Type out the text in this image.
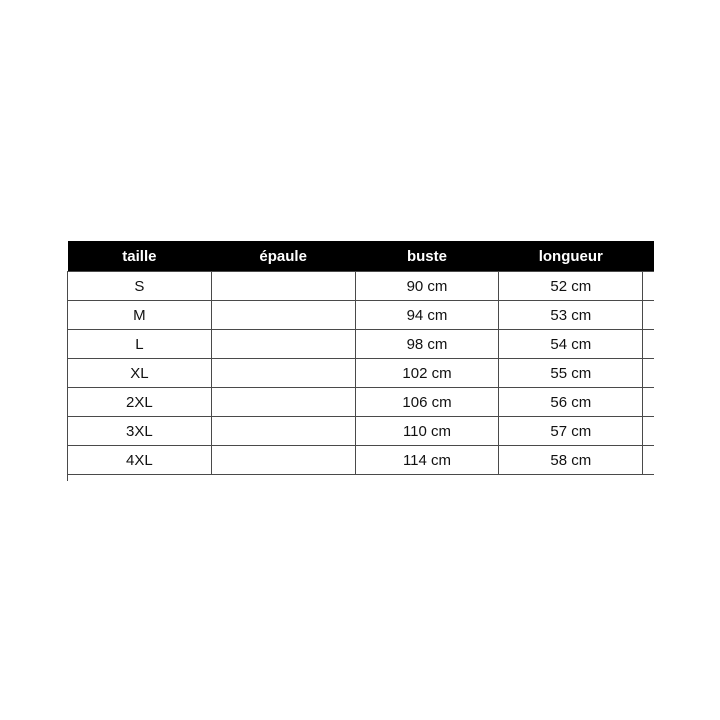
taille	épaule	buste	longueur	
S		90 cm	52 cm	
M		94 cm	53 cm	
L		98 cm	54 cm	
XL		102 cm	55 cm	
2XL		106 cm	56 cm	
3XL		110 cm	57 cm	
4XL		114 cm	58 cm	
